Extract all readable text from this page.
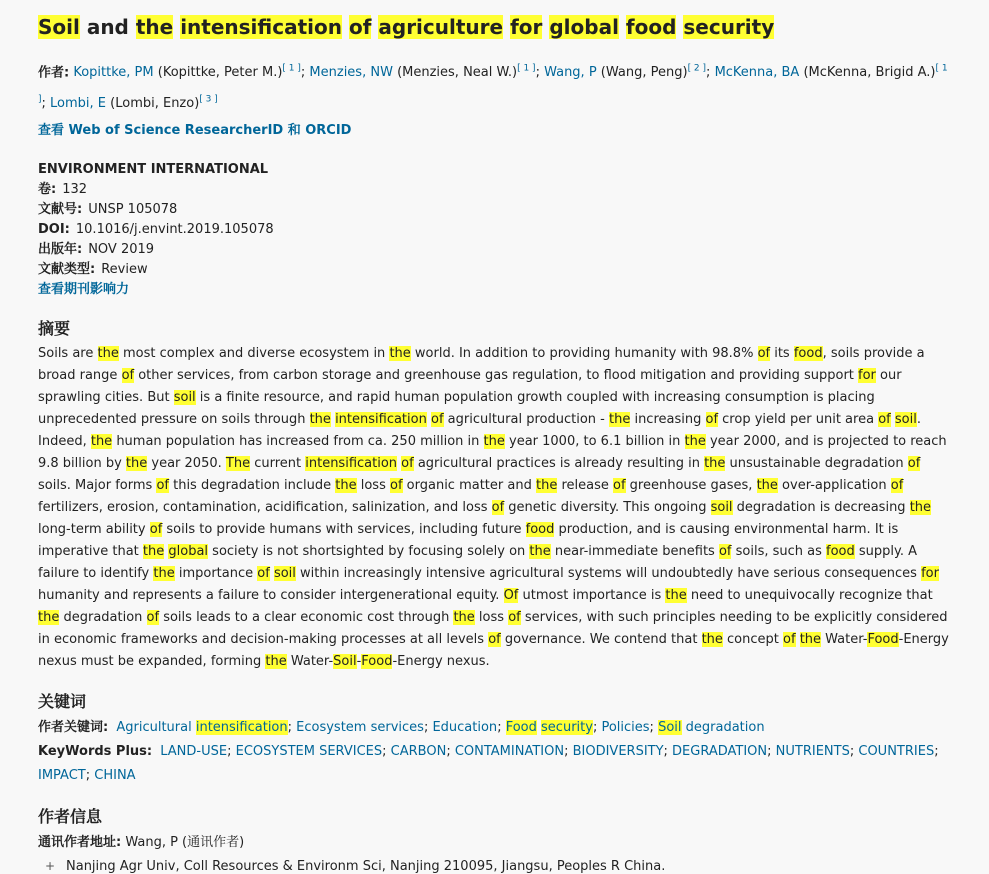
Soil and the intensification of agriculture for global food security
作者: Kopittke, PM (Kopittke, Peter M.)[ 1 ]; Menzies, NW (Menzies, Neal W.)[ 1 ]; Wang, P (Wang, Peng)[ 2 ]; McKenna, BA (McKenna, Brigid A.)[ 1 ]; Lombi, E (Lombi, Enzo)[ 3 ]
查看 Web of Science ResearcherID 和 ORCID
ENVIRONMENT INTERNATIONAL
卷: 132
文献号: UNSP 105078
DOI: 10.1016/j.envint.2019.105078
出版年: NOV 2019
文献类型: Review
查看期刊影响力
摘要

Soils are the most complex and diverse ecosystem in the world. In addition to providing humanity with 98.8% of its food, soils provide a broad range of other services, from carbon storage and greenhouse gas regulation, to flood mitigation and providing support for our sprawling cities. But soil is a finite resource, and rapid human population growth coupled with increasing consumption is placing unprecedented pressure on soils through the intensification of agricultural production - the increasing of crop yield per unit area of soil. Indeed, the human population has increased from ca. 250 million in the year 1000, to 6.1 billion in the year 2000, and is projected to reach 9.8 billion by the year 2050. The current intensification of agricultural practices is already resulting in the unsustainable degradation of soils. Major forms of this degradation include the loss of organic matter and the release of greenhouse gases, the over-application of fertilizers, erosion, contamination, acidification, salinization, and loss of genetic diversity. This ongoing soil degradation is decreasing the long-term ability of soils to provide humans with services, including future food production, and is causing environmental harm. It is imperative that the global society is not shortsighted by focusing solely on the near-immediate benefits of soils, such as food supply. A failure to identify the importance of soil within increasingly intensive agricultural systems will undoubtedly have serious consequences for humanity and represents a failure to consider intergenerational equity. Of utmost importance is the need to unequivocally recognize that the degradation of soils leads to a clear economic cost through the loss of services, with such principles needing to be explicitly considered in economic frameworks and decision-making processes at all levels of governance. We contend that the concept of the Water-Food-Energy nexus must be expanded, forming the Water-Soil-Food-Energy nexus.

关键词
作者关键词: Agricultural intensification; Ecosystem services; Education; Food security; Policies; Soil degradation
KeyWords Plus: LAND-USE; ECOSYSTEM SERVICES; CARBON; CONTAMINATION; BIODIVERSITY; DEGRADATION; NUTRIENTS; COUNTRIES; IMPACT; CHINA
作者信息
通讯作者地址: Wang, P (通讯作者)
+ Nanjing Agr Univ, Coll Resources & Environm Sci, Nanjing 210095, Jiangsu, Peoples R China.
